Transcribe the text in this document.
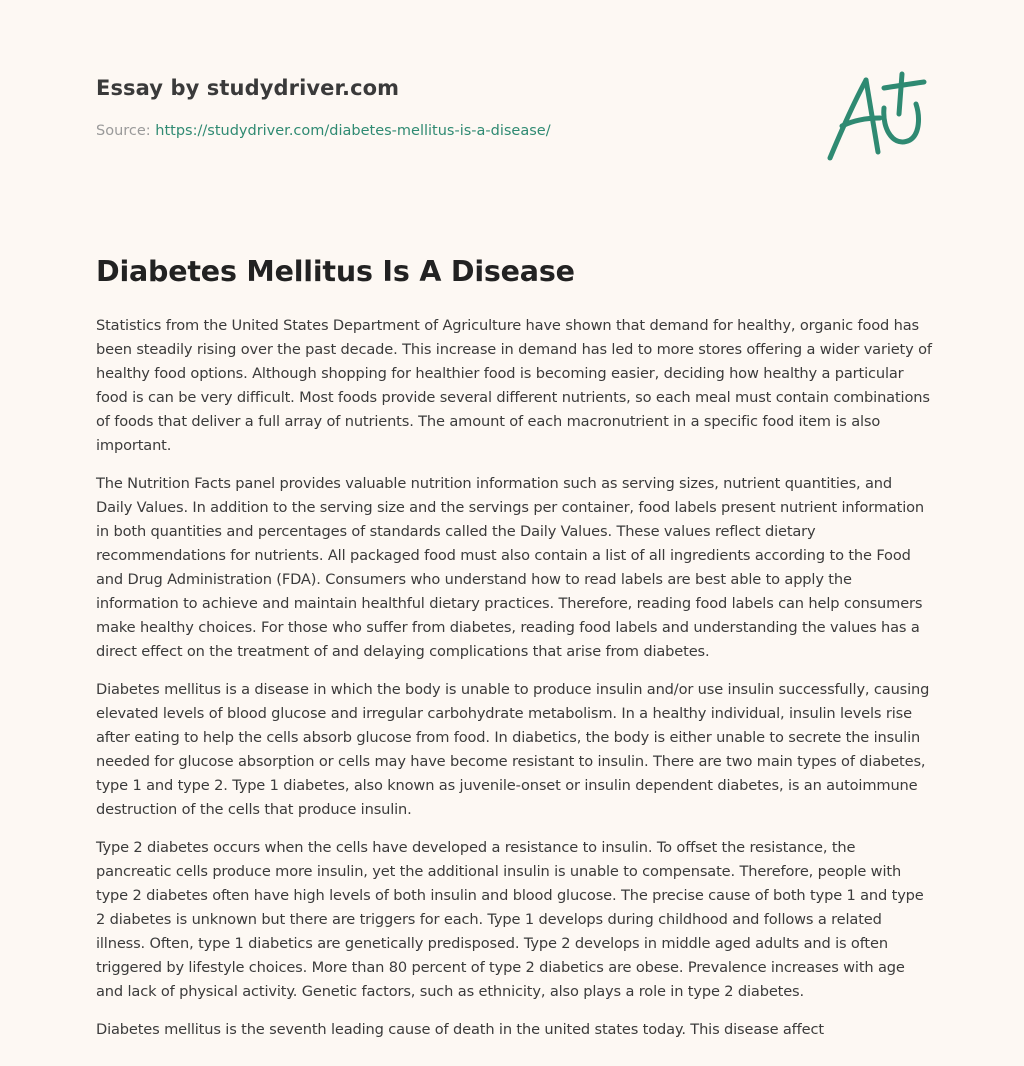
Essay by studydriver.com
Source: https://studydriver.com/diabetes-mellitus-is-a-disease/
Diabetes Mellitus Is A Disease

Statistics from the United States Department of Agriculture have shown that demand for healthy, organic food has been steadily rising over the past decade. This increase in demand has led to more stores offering a wider variety of healthy food options. Although shopping for healthier food is becoming easier, deciding how healthy a particular food is can be very difficult. Most foods provide several different nutrients, so each meal must contain combinations of foods that deliver a full array of nutrients. The amount of each macronutrient in a specific food item is also important.

The Nutrition Facts panel provides valuable nutrition information such as serving sizes, nutrient quantities, and Daily Values. In addition to the serving size and the servings per container, food labels present nutrient information in both quantities and percentages of standards called the Daily Values. These values reflect dietary recommendations for nutrients. All packaged food must also contain a list of all ingredients according to the Food and Drug Administration (FDA). Consumers who understand how to read labels are best able to apply the information to achieve and maintain healthful dietary practices. Therefore, reading food labels can help consumers make healthy choices. For those who suffer from diabetes, reading food labels and understanding the values has a direct effect on the treatment of and delaying complications that arise from diabetes.

Diabetes mellitus is a disease in which the body is unable to produce insulin and/or use insulin successfully, causing elevated levels of blood glucose and irregular carbohydrate metabolism. In a healthy individual, insulin levels rise after eating to help the cells absorb glucose from food. In diabetics, the body is either unable to secrete the insulin needed for glucose absorption or cells may have become resistant to insulin. There are two main types of diabetes, type 1 and type 2. Type 1 diabetes, also known as juvenile-onset or insulin dependent diabetes, is an autoimmune destruction of the cells that produce insulin.

Type 2 diabetes occurs when the cells have developed a resistance to insulin. To offset the resistance, the pancreatic cells produce more insulin, yet the additional insulin is unable to compensate. Therefore, people with type 2 diabetes often have high levels of both insulin and blood glucose. The precise cause of both type 1 and type 2 diabetes is unknown but there are triggers for each. Type 1 develops during childhood and follows a related illness. Often, type 1 diabetics are genetically predisposed. Type 2 develops in middle aged adults and is often triggered by lifestyle choices. More than 80 percent of type 2 diabetics are obese. Prevalence increases with age and lack of physical activity. Genetic factors, such as ethnicity, also plays a role in type 2 diabetes.

Diabetes mellitus is the seventh leading cause of death in the united states today. This disease affect
